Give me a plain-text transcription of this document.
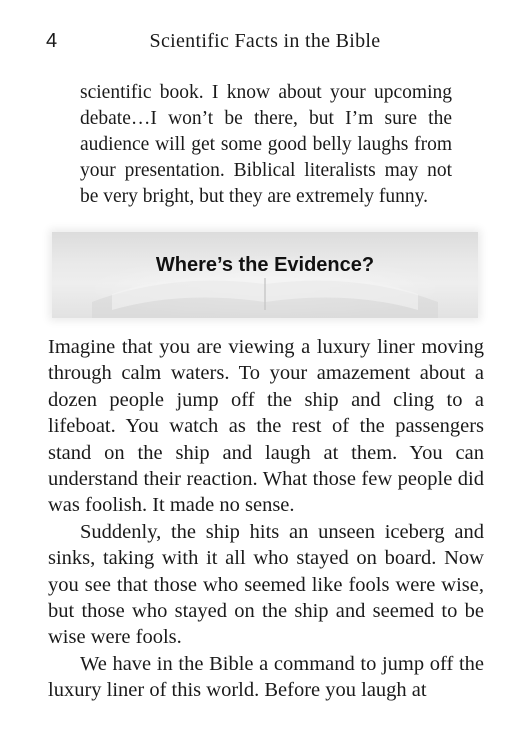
4	Scientific Facts in the Bible

scientific book. I know about your upcoming debate…I won’t be there, but I’m sure the audience will get some good belly laughs from your presentation. Biblical literalists may not be very bright, but they are extremely funny.

Where’s the Evidence?

Imagine that you are viewing a luxury liner moving through calm waters. To your amazement about a dozen people jump off the ship and cling to a lifeboat. You watch as the rest of the passengers stand on the ship and laugh at them. You can understand their reaction. What those few people did was foolish. It made no sense.

Suddenly, the ship hits an unseen iceberg and sinks, taking with it all who stayed on board. Now you see that those who seemed like fools were wise, but those who stayed on the ship and seemed to be wise were fools.

We have in the Bible a command to jump off the luxury liner of this world. Before you laugh at
